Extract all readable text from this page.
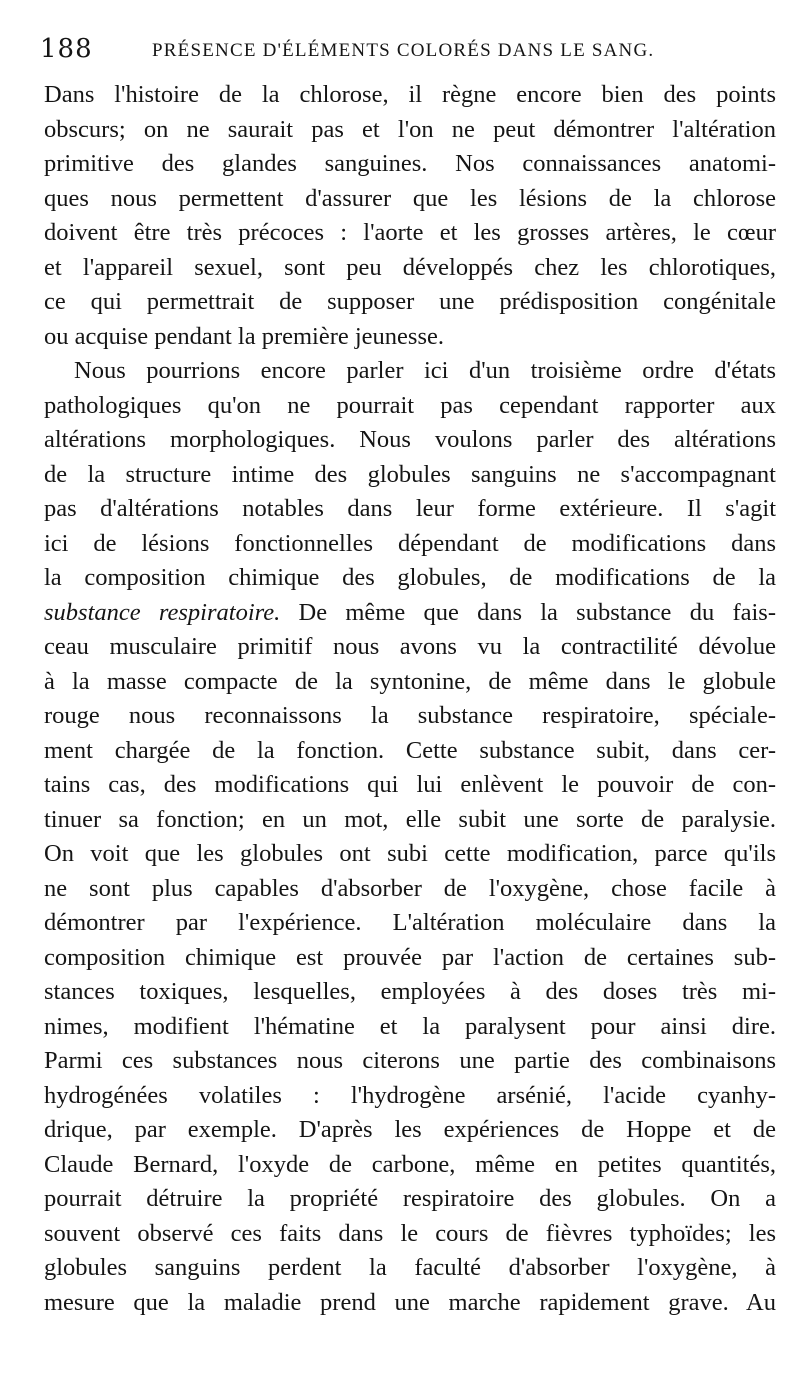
188	PRÉSENCE D'ÉLÉMENTS COLORÉS DANS LE SANG.
Dans l'histoire de la chlorose, il règne encore bien des points
obscurs; on ne saurait pas et l'on ne peut démontrer l'altération
primitive des glandes sanguines. Nos connaissances anatomi-
ques nous permettent d'assurer que les lésions de la chlorose
doivent être très précoces : l'aorte et les grosses artères, le cœur
et l'appareil sexuel, sont peu développés chez les chlorotiques,
ce qui permettrait de supposer une prédisposition congénitale
ou acquise pendant la première jeunesse.
Nous pourrions encore parler ici d'un troisième ordre d'états
pathologiques qu'on ne pourrait pas cependant rapporter aux
altérations morphologiques. Nous voulons parler des altérations
de la structure intime des globules sanguins ne s'accompagnant
pas d'altérations notables dans leur forme extérieure. Il s'agit
ici de lésions fonctionnelles dépendant de modifications dans
la composition chimique des globules, de modifications de la
substance respiratoire. De même que dans la substance du fais-
ceau musculaire primitif nous avons vu la contractilité dévolue
à la masse compacte de la syntonine, de même dans le globule
rouge nous reconnaissons la substance respiratoire, spéciale-
ment chargée de la fonction. Cette substance subit, dans cer-
tains cas, des modifications qui lui enlèvent le pouvoir de con-
tinuer sa fonction; en un mot, elle subit une sorte de paralysie.
On voit que les globules ont subi cette modification, parce qu'ils
ne sont plus capables d'absorber de l'oxygène, chose facile à
démontrer par l'expérience. L'altération moléculaire dans la
composition chimique est prouvée par l'action de certaines sub-
stances toxiques, lesquelles, employées à des doses très mi-
nimes, modifient l'hématine et la paralysent pour ainsi dire.
Parmi ces substances nous citerons une partie des combinaisons
hydrogénées volatiles : l'hydrogène arsénié, l'acide cyanhy-
drique, par exemple. D'après les expériences de Hoppe et de
Claude Bernard, l'oxyde de carbone, même en petites quantités,
pourrait détruire la propriété respiratoire des globules. On a
souvent observé ces faits dans le cours de fièvres typhoïdes; les
globules sanguins perdent la faculté d'absorber l'oxygène, à
mesure que la maladie prend une marche rapidement grave. Au
